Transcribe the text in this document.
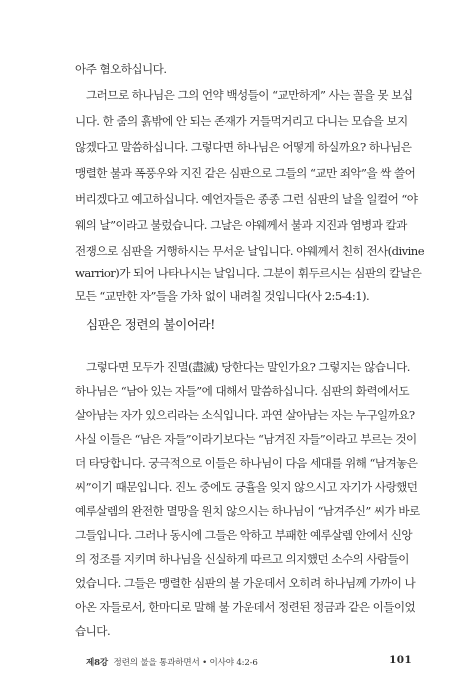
아주 혐오하십니다.
그러므로 하나님은 그의 언약 백성들이 “교만하게” 사는 꼴을 못 보십
니다. 한 줌의 흙밖에 안 되는 존재가 거들먹거리고 다니는 모습을 보지
않겠다고 말씀하십니다. 그렇다면 하나님은 어떻게 하실까요? 하나님은
맹렬한 불과 폭풍우와 지진 같은 심판으로 그들의 “교만 죄악”을 싹 쓸어
버리겠다고 예고하십니다. 예언자들은 종종 그런 심판의 날을 일컬어 “야
웨의 날”이라고 불렀습니다. 그날은 야웨께서 불과 지진과 염병과 칼과
전쟁으로 심판을 거행하시는 무서운 날입니다. 야웨께서 친히 전사(divine
warrior)가 되어 나타나시는 날입니다. 그분이 휘두르시는 심판의 칼날은
모든 “교만한 자”들을 가차 없이 내려칠 것입니다(사 2:5-4:1).
심판은 정련의 불이어라!
그렇다면 모두가 진멸(盡滅) 당한다는 말인가요? 그렇지는 않습니다.
하나님은 “남아 있는 자들”에 대해서 말씀하십니다. 심판의 화력에서도
살아남는 자가 있으리라는 소식입니다. 과연 살아남는 자는 누구일까요?
사실 이들은 “남은 자들”이라기보다는 “남겨진 자들”이라고 부르는 것이
더 타당합니다. 궁극적으로 이들은 하나님이 다음 세대를 위해 “남겨놓은
씨”이기 때문입니다. 진노 중에도 긍휼을 잊지 않으시고 자기가 사랑했던
예루살렘의 완전한 멸망을 원치 않으시는 하나님이 “남겨주신” 씨가 바로
그들입니다. 그러나 동시에 그들은 악하고 부패한 예루살렘 안에서 신앙
의 정조를 지키며 하나님을 신실하게 따르고 의지했던 소수의 사람들이
었습니다. 그들은 맹렬한 심판의 불 가운데서 오히려 하나님께 가까이 나
아온 자들로서, 한마디로 말해 불 가운데서 정련된 정금과 같은 이들이었
습니다.
제8강 정련의 불을 통과하면서 • 이사야 4:2-6	101
